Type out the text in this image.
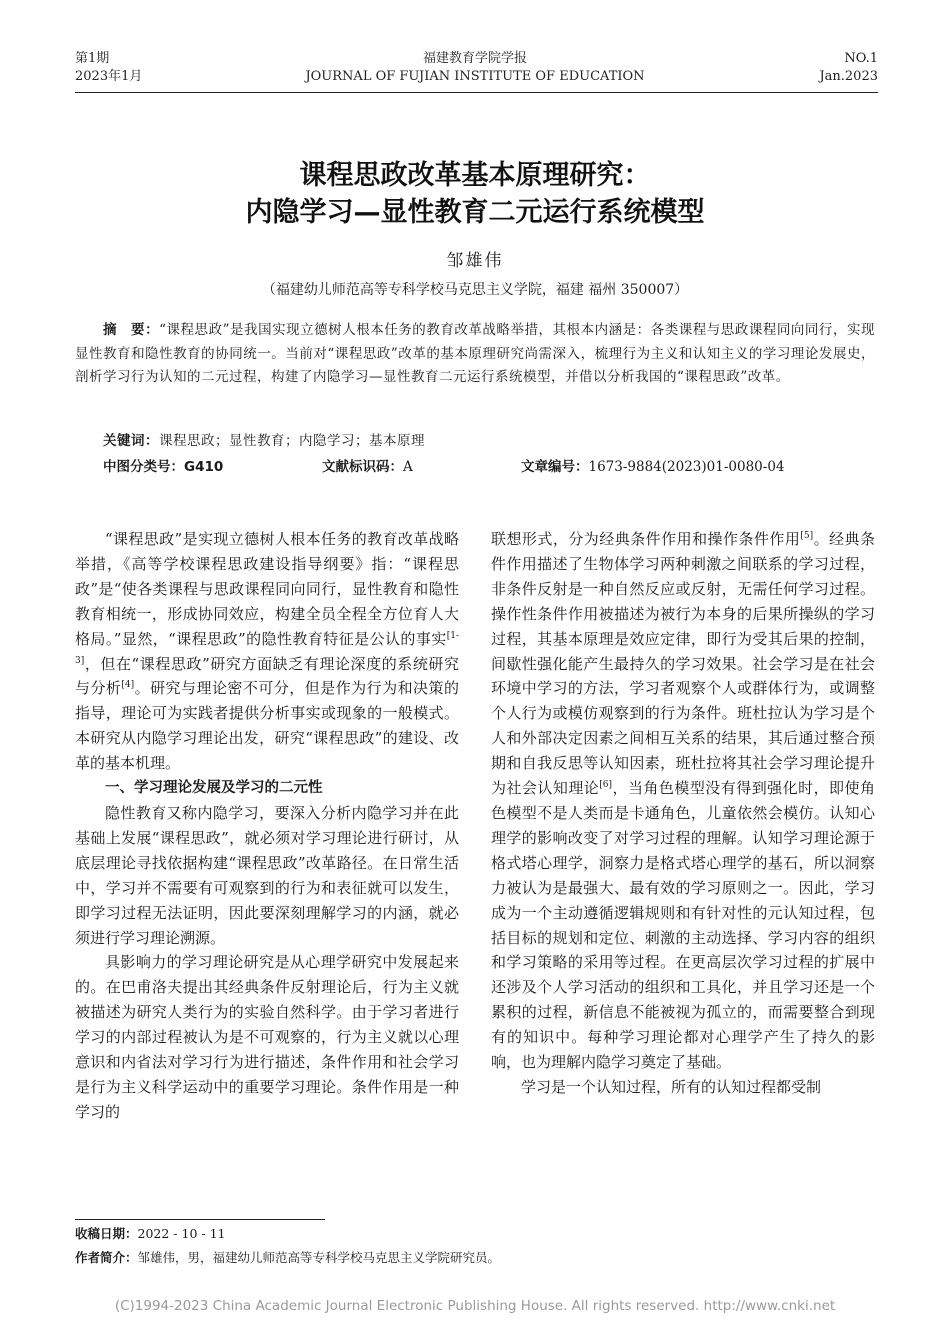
第1期
2023年1月
福建教育学院学报
JOURNAL OF FUJIAN INSTITUTE OF EDUCATION
NO.1
Jan.2023
课程思政改革基本原理研究：
内隐学习—显性教育二元运行系统模型
邹雄伟
（福建幼儿师范高等专科学校马克思主义学院，福建 福州 350007）
摘　要：“课程思政”是我国实现立德树人根本任务的教育改革战略举措，其根本内涵是：各类课程与思政课程同向同行，实现显性教育和隐性教育的协同统一。当前对“课程思政”改革的基本原理研究尚需深入，梳理行为主义和认知主义的学习理论发展史，剖析学习行为认知的二元过程，构建了内隐学习—显性教育二元运行系统模型，并借以分析我国的“课程思政”改革。
关键词：课程思政；显性教育；内隐学习；基本原理
中图分类号：G410	文献标识码：A	文章编号：1673-9884(2023)01-0080-04

“课程思政”是实现立德树人根本任务的教育改革战略举措，《高等学校课程思政建设指导纲要》指：“课程思政”是“使各类课程与思政课程同向同行，显性教育和隐性教育相统一，形成协同效应，构建全员全程全方位育人大格局。”显然，“课程思政”的隐性教育特征是公认的事实[1-3]，但在“课程思政”研究方面缺乏有理论深度的系统研究与分析[4]。研究与理论密不可分，但是作为行为和决策的指导，理论可为实践者提供分析事实或现象的一般模式。本研究从内隐学习理论出发，研究“课程思政”的建设、改革的基本机理。

一、学习理论发展及学习的二元性

隐性教育又称内隐学习，要深入分析内隐学习并在此基础上发展“课程思政”，就必须对学习理论进行研讨，从底层理论寻找依据构建“课程思政”改革路径。在日常生活中，学习并不需要有可观察到的行为和表征就可以发生，即学习过程无法证明，因此要深刻理解学习的内涵，就必须进行学习理论溯源。

具影响力的学习理论研究是从心理学研究中发展起来的。在巴甫洛夫提出其经典条件反射理论后，行为主义就被描述为研究人类行为的实验自然科学。由于学习者进行学习的内部过程被认为是不可观察的，行为主义就以心理意识和内省法对学习行为进行描述，条件作用和社会学习是行为主义科学运动中的重要学习理论。条件作用是一种学习的

联想形式，分为经典条件作用和操作条件作用[5]。经典条件作用描述了生物体学习两种刺激之间联系的学习过程，非条件反射是一种自然反应或反射，无需任何学习过程。操作性条件作用被描述为被行为本身的后果所操纵的学习过程，其基本原理是效应定律，即行为受其后果的控制，间歇性强化能产生最持久的学习效果。社会学习是在社会环境中学习的方法，学习者观察个人或群体行为，或调整个人行为或模仿观察到的行为条件。班杜拉认为学习是个人和外部决定因素之间相互关系的结果，其后通过整合预期和自我反思等认知因素，班杜拉将其社会学习理论提升为社会认知理论[6]，当角色模型没有得到强化时，即使角色模型不是人类而是卡通角色，儿童依然会模仿。认知心理学的影响改变了对学习过程的理解。认知学习理论源于格式塔心理学，洞察力是格式塔心理学的基石，所以洞察力被认为是最强大、最有效的学习原则之一。因此，学习成为一个主动遵循逻辑规则和有针对性的元认知过程，包括目标的规划和定位、刺激的主动选择、学习内容的组织和学习策略的采用等过程。在更高层次学习过程的扩展中还涉及个人学习活动的组织和工具化，并且学习还是一个累积的过程，新信息不能被视为孤立的，而需要整合到现有的知识中。每种学习理论都对心理学产生了持久的影响，也为理解内隐学习奠定了基础。

学习是一个认知过程，所有的认知过程都受制

收稿日期：2022 - 10 - 11
作者简介：邹雄伟，男，福建幼儿师范高等专科学校马克思主义学院研究员。
(C)1994-2023 China Academic Journal Electronic Publishing House. All rights reserved. http://www.cnki.net
